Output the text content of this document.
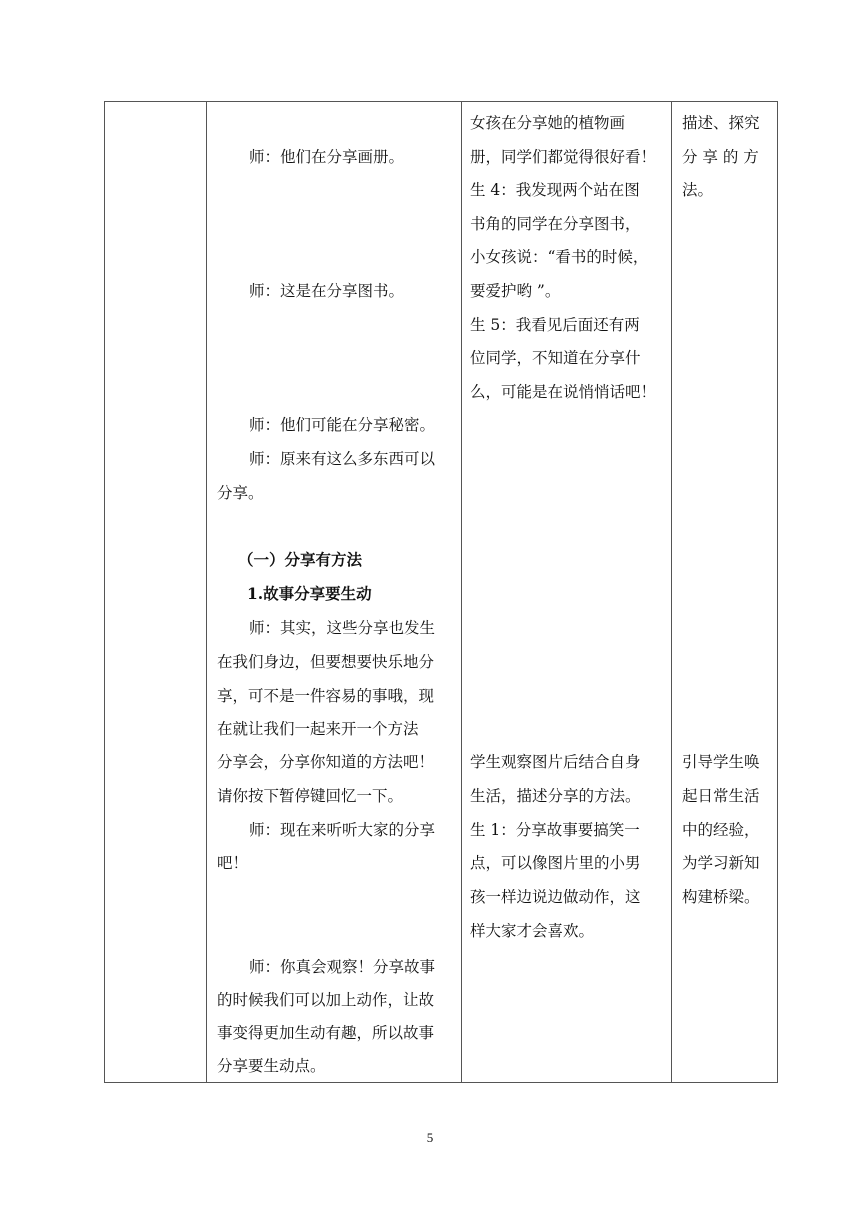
师：他们在分享画册。
师：这是在分享图书。
师：他们可能在分享秘密。
师：原来有这么多东西可以
分享。
（一）分享有方法
1.故事分享要生动
师：其实，这些分享也发生
在我们身边，但要想要快乐地分
享，可不是一件容易的事哦，现
在就让我们一起来开一个方法
分享会，分享你知道的方法吧！
请你按下暂停键回忆一下。
师：现在来听听大家的分享
吧！
师：你真会观察！分享故事
的时候我们可以加上动作，让故
事变得更加生动有趣，所以故事
分享要生动点。
女孩在分享她的植物画
册，同学们都觉得很好看！
生 4：我发现两个站在图
书角的同学在分享图书，
小女孩说：“看书的时候，
要爱护哟 ”。
生 5：我看见后面还有两
位同学，不知道在分享什
么，可能是在说悄悄话吧！
学生观察图片后结合自身
生活，描述分享的方法。
生 1：分享故事要搞笑一
点，可以像图片里的小男
孩一样边说边做动作，这
样大家才会喜欢。
描述、探究
分 享 的 方
法。
引导学生唤
起日常生活
中的经验，
为学习新知
构建桥梁。
5
